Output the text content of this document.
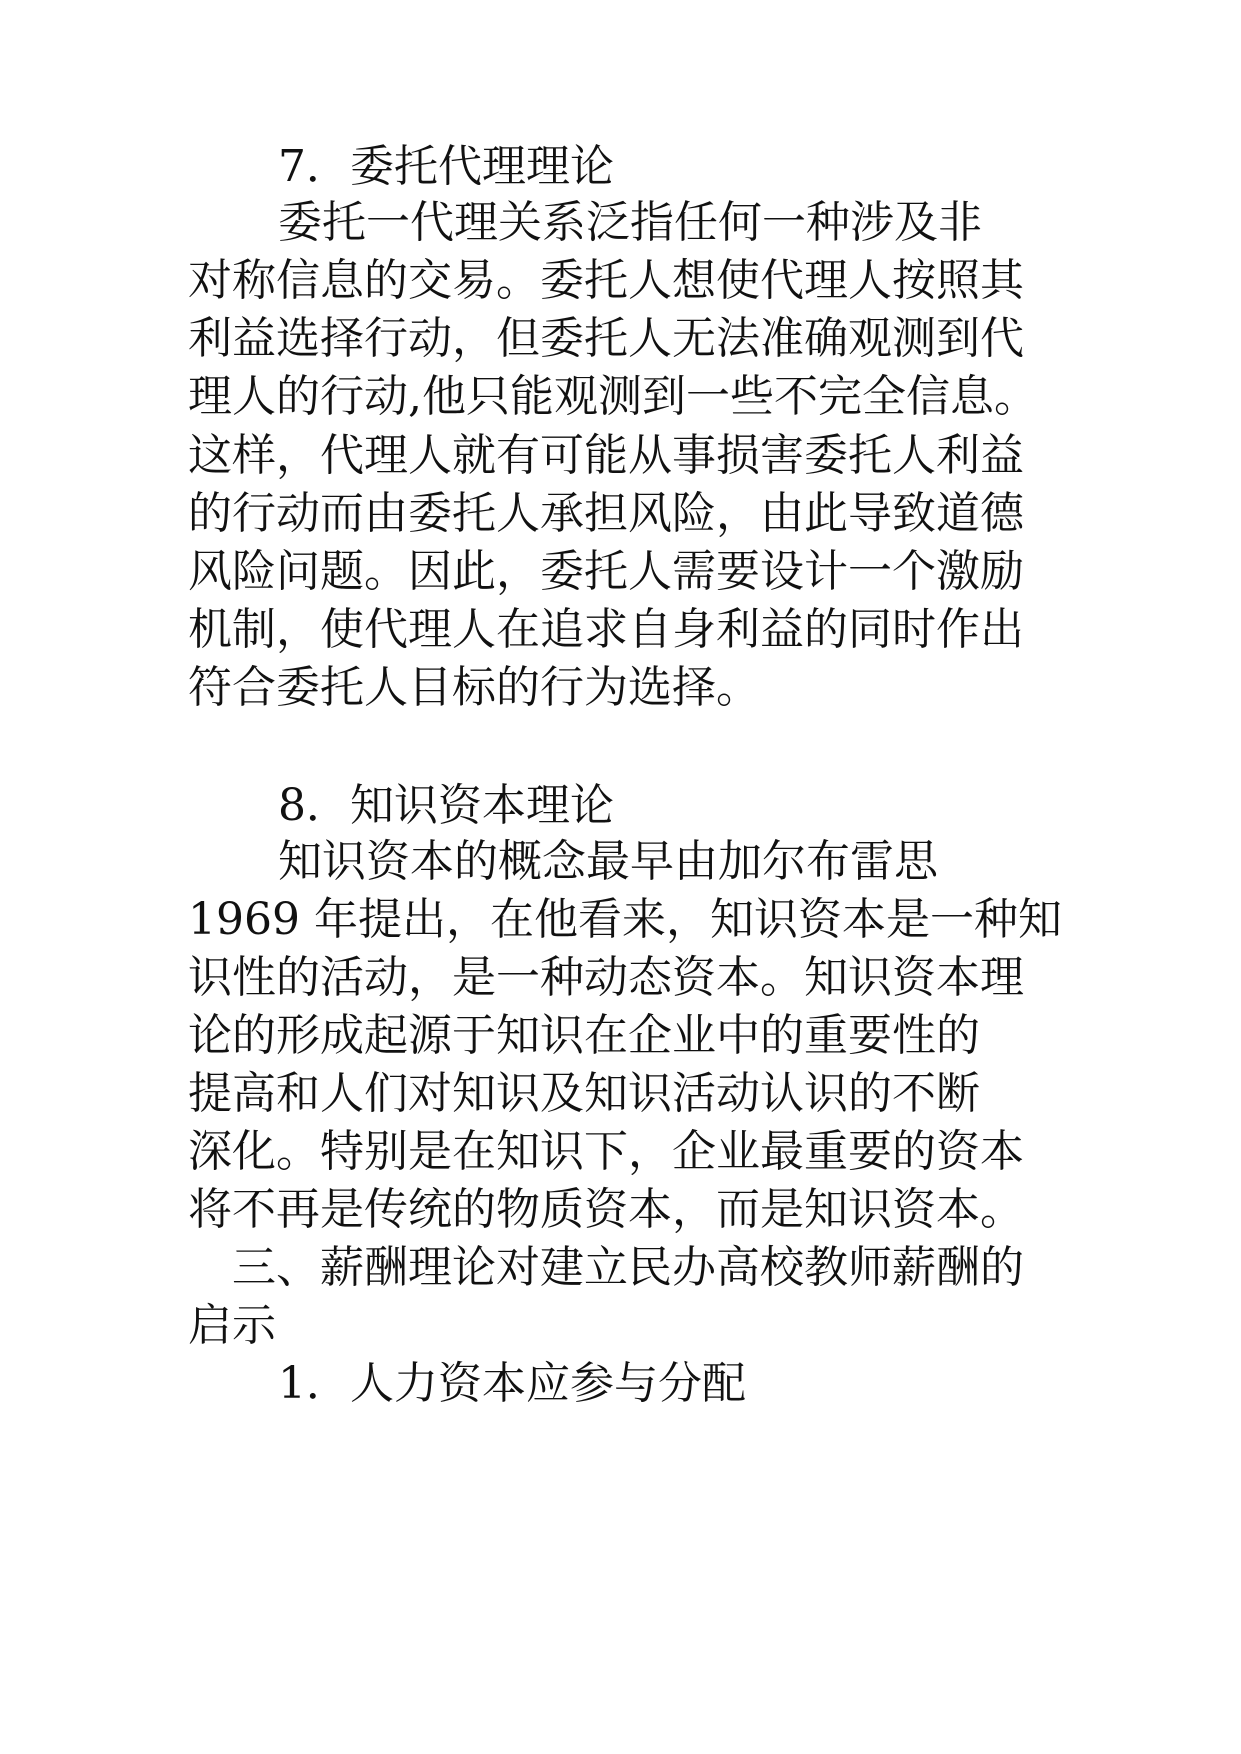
7．委托代理理论
委托一代理关系泛指任何一种涉及非
对称信息的交易。委托人想使代理人按照其
利益选择行动，但委托人无法准确观测到代
理人的行动,他只能观测到一些不完全信息。
这样，代理人就有可能从事损害委托人利益
的行动而由委托人承担风险，由此导致道德
风险问题。因此，委托人需要设计一个激励
机制，使代理人在追求自身利益的同时作出
符合委托人目标的行为选择。
8．知识资本理论
知识资本的概念最早由加尔布雷思
1969 年提出，在他看来，知识资本是一种知
识性的活动，是一种动态资本。知识资本理
论的形成起源于知识在企业中的重要性的
提高和人们对知识及知识活动认识的不断
深化。特别是在知识下，企业最重要的资本
将不再是传统的物质资本，而是知识资本。
三、薪酬理论对建立民办高校教师薪酬的
启示
1．人力资本应参与分配
